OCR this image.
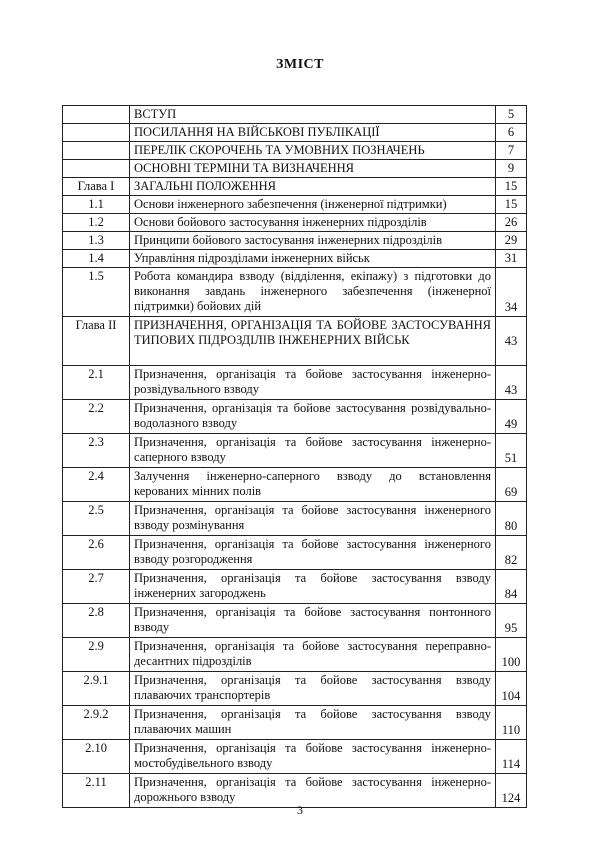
ЗМІСТ
	ВСТУП	5
	ПОСИЛАННЯ НА ВІЙСЬКОВІ ПУБЛІКАЦІЇ	6
	ПЕРЕЛІК СКОРОЧЕНЬ ТА УМОВНИХ ПОЗНАЧЕНЬ	7
	ОСНОВНІ ТЕРМІНИ ТА ВИЗНАЧЕННЯ	9
Глава І	ЗАГАЛЬНІ ПОЛОЖЕННЯ	15
1.1	Основи інженерного забезпечення (інженерної підтримки)	15
1.2	Основи бойового застосування інженерних підрозділів	26
1.3	Принципи бойового застосування інженерних підрозділів	29
1.4	Управління підрозділами інженерних військ	31
1.5	Робота командира взводу (відділення, екіпажу) з підготовки до виконання завдань інженерного забезпечення (інженерної підтримки) бойових дій	34
Глава ІІ	ПРИЗНАЧЕННЯ, ОРГАНІЗАЦІЯ ТА БОЙОВЕ ЗАСТОСУВАННЯ ТИПОВИХ ПІДРОЗДІЛІВ ІНЖЕНЕРНИХ ВІЙСЬК	43
2.1	Призначення, організація та бойове застосування інженерно-розвідувального взводу	43
2.2	Призначення, організація та бойове застосування розвідувально-водолазного взводу	49
2.3	Призначення, організація та бойове застосування інженерно-саперного взводу	51
2.4	Залучення інженерно-саперного взводу до встановлення керованих мінних полів	69
2.5	Призначення, організація та бойове застосування інженерного взводу розмінування	80
2.6	Призначення, організація та бойове застосування інженерного взводу розгородження	82
2.7	Призначення, організація та бойове застосування взводу інженерних загороджень	84
2.8	Призначення, організація та бойове застосування понтонного взводу	95
2.9	Призначення, організація та бойове застосування переправно-десантних підрозділів	100
2.9.1	Призначення, організація та бойове застосування взводу плаваючих транспортерів	104
2.9.2	Призначення, організація та бойове застосування взводу плаваючих машин	110
2.10	Призначення, організація та бойове застосування інженерно-мостобудівельного взводу	114
2.11	Призначення, організація та бойове застосування інженерно-дорожнього взводу	124
3
